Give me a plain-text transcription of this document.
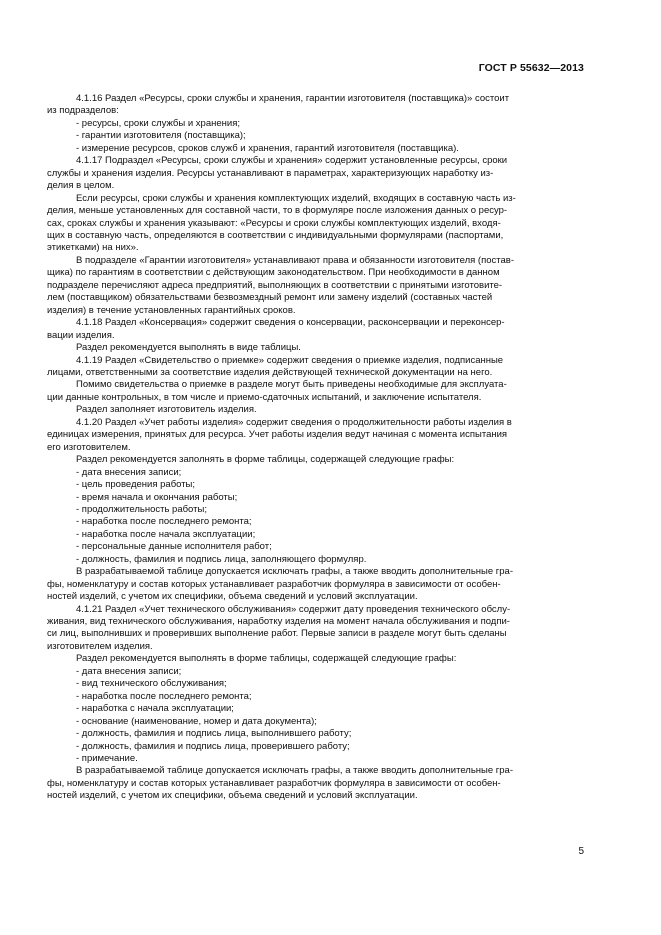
ГОСТ Р 55632—2013
4.1.16 Раздел «Ресурсы, сроки службы и хранения, гарантии изготовителя (поставщика)» состоит
из подразделов:
- ресурсы, сроки службы и хранения;
- гарантии изготовителя (поставщика);
- измерение ресурсов, сроков служб и хранения, гарантий изготовителя (поставщика).
4.1.17 Подраздел «Ресурсы, сроки службы и хранения» содержит установленные ресурсы, сроки
службы и хранения изделия. Ресурсы устанавливают в параметрах, характеризующих наработку из-
делия в целом.
Если ресурсы, сроки службы и хранения комплектующих изделий, входящих в составную часть из-
делия, меньше установленных для составной части, то в формуляре после изложения данных о ресур-
сах, сроках службы и хранения указывают: «Ресурсы и сроки службы комплектующих изделий, входя-
щих в составную часть, определяются в соответствии с индивидуальными формулярами (паспортами,
этикетками) на них».
В подразделе «Гарантии изготовителя» устанавливают права и обязанности изготовителя (постав-
щика) по гарантиям в соответствии с действующим законодательством. При необходимости в данном
подразделе перечисляют адреса предприятий, выполняющих в соответствии с принятыми изготовите-
лем (поставщиком) обязательствами безвозмездный ремонт или замену изделий (составных частей
изделия) в течение установленных гарантийных сроков.
4.1.18 Раздел «Консервация» содержит сведения о консервации, расконсервации и переконсер-
вации изделия.
Раздел рекомендуется выполнять в виде таблицы.
4.1.19 Раздел «Свидетельство о приемке» содержит сведения о приемке изделия, подписанные
лицами, ответственными за соответствие изделия действующей технической документации на него.
Помимо свидетельства о приемке в разделе могут быть приведены необходимые для эксплуата-
ции данные контрольных, в том числе и приемо-сдаточных испытаний, и заключение испытателя.
Раздел заполняет изготовитель изделия.
4.1.20 Раздел «Учет работы изделия» содержит сведения о продолжительности работы изделия в
единицах измерения, принятых для ресурса. Учет работы изделия ведут начиная с момента испытания
его изготовителем.
Раздел рекомендуется заполнять в форме таблицы, содержащей следующие графы:
- дата внесения записи;
- цель проведения работы;
- время начала и окончания работы;
- продолжительность работы;
- наработка после последнего ремонта;
- наработка после начала эксплуатации;
- персональные данные исполнителя работ;
- должность, фамилия и подпись лица, заполняющего формуляр.
В разрабатываемой таблице допускается исключать графы, а также вводить дополнительные гра-
фы, номенклатуру и состав которых устанавливает разработчик формуляра в зависимости от особен-
ностей изделий, с учетом их специфики, объема сведений и условий эксплуатации.
4.1.21 Раздел «Учет технического обслуживания» содержит дату проведения технического обслу-
живания, вид технического обслуживания, наработку изделия на момент начала обслуживания и подпи-
си лиц, выполнивших и проверивших выполнение работ. Первые записи в разделе могут быть сделаны
изготовителем изделия.
Раздел рекомендуется выполнять в форме таблицы, содержащей следующие графы:
- дата внесения записи;
- вид технического обслуживания;
- наработка после последнего ремонта;
- наработка с начала эксплуатации;
- основание (наименование, номер и дата документа);
- должность, фамилия и подпись лица, выполнившего работу;
- должность, фамилия и подпись лица, проверившего работу;
- примечание.
В разрабатываемой таблице допускается исключать графы, а также вводить дополнительные гра-
фы, номенклатуру и состав которых устанавливает разработчик формуляра в зависимости от особен-
ностей изделий, с учетом их специфики, объема сведений и условий эксплуатации.
5
